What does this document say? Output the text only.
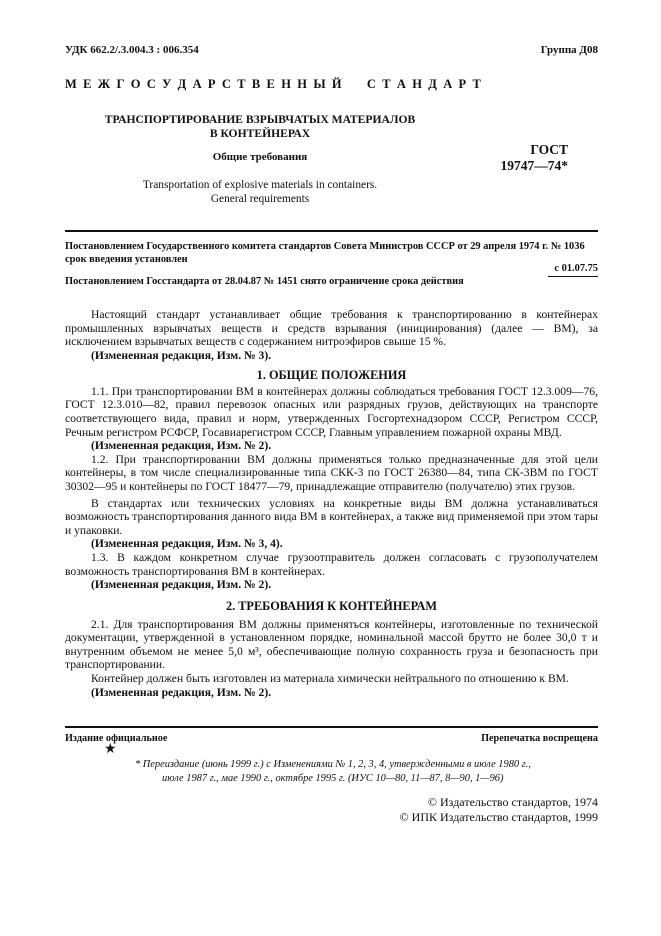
УДК 662.2/.3.004.3 : 006.354	Группа Д08
М Е Ж Г О С У Д А Р С Т В Е Н Н Ы Й     С Т А Н Д А Р Т
ТРАНСПОРТИРОВАНИЕ ВЗРЫВЧАТЫХ МАТЕРИАЛОВ
В КОНТЕЙНЕРАХ
Общие требования
Transportation of explosive materials in containers.
General requirements
ГОСТ
19747—74*
Постановлением Государственного комитета стандартов Совета Министров СССР от 29 апреля 1974 г. № 1036
срок введения установлен
с 01.07.75
Постановлением Госстандарта от 28.04.87 № 1451 снято ограничение срока действия
Настоящий стандарт устанавливает общие требования к транспортированию в контейнерах промышленных взрывчатых веществ и средств взрывания (инициирования) (далее — ВМ), за исключением взрывчатых веществ с содержанием нитроэфиров свыше 15 %.
(Измененная редакция, Изм. № 3).
1. ОБЩИЕ ПОЛОЖЕНИЯ
1.1. При транспортировании ВМ в контейнерах должны соблюдаться требования ГОСТ 12.3.009—76, ГОСТ 12.3.010—82, правил перевозок опасных или разрядных грузов, действующих на транспорте соответствующего вида, правил и норм, утвержденных Госгортехнадзором СССР, Регистром СССР, Речным регистром РСФСР, Госавиарегистром СССР, Главным управлением пожарной охраны МВД.
(Измененная редакция, Изм. № 2).
1.2. При транспортировании ВМ должны применяться только предназначенные для этой цели контейнеры, в том числе специализированные типа СКК-3 по ГОСТ 26380—84, типа СК-3ВМ по ГОСТ 30302—95 и контейнеры по ГОСТ 18477—79, принадлежащие отправителю (получателю) этих грузов.
В стандартах или технических условиях на конкретные виды ВМ должна устанавливаться возможность транспортирования данного вида ВМ в контейнерах, а также вид применяемой при этом тары и упаковки.
(Измененная редакция, Изм. № 3, 4).
1.3. В каждом конкретном случае грузоотправитель должен согласовать с грузополучателем возможность транспортирования ВМ в контейнерах.
(Измененная редакция, Изм. № 2).
2. ТРЕБОВАНИЯ К КОНТЕЙНЕРАМ
2.1. Для транспортирования ВМ должны применяться контейнеры, изготовленные по технической документации, утвержденной в установленном порядке, номинальной массой брутто не более 30,0 т и внутренним объемом не менее 5,0 м³, обеспечивающие полную сохранность груза и безопасность при транспортировании.
Контейнер должен быть изготовлен из материала химически нейтрального по отношению к ВМ.
(Измененная редакция, Изм. № 2).
Издание официальное	Перепечатка воспрещена
★
* Переиздание (июнь 1999 г.) с Изменениями № 1, 2, 3, 4, утвержденными в июле 1980 г.,
июле 1987 г., мае 1990 г., октябре 1995 г. (ИУС 10—80, 11—87, 8—90, 1—96)
© Издательство стандартов, 1974
© ИПК Издательство стандартов, 1999
